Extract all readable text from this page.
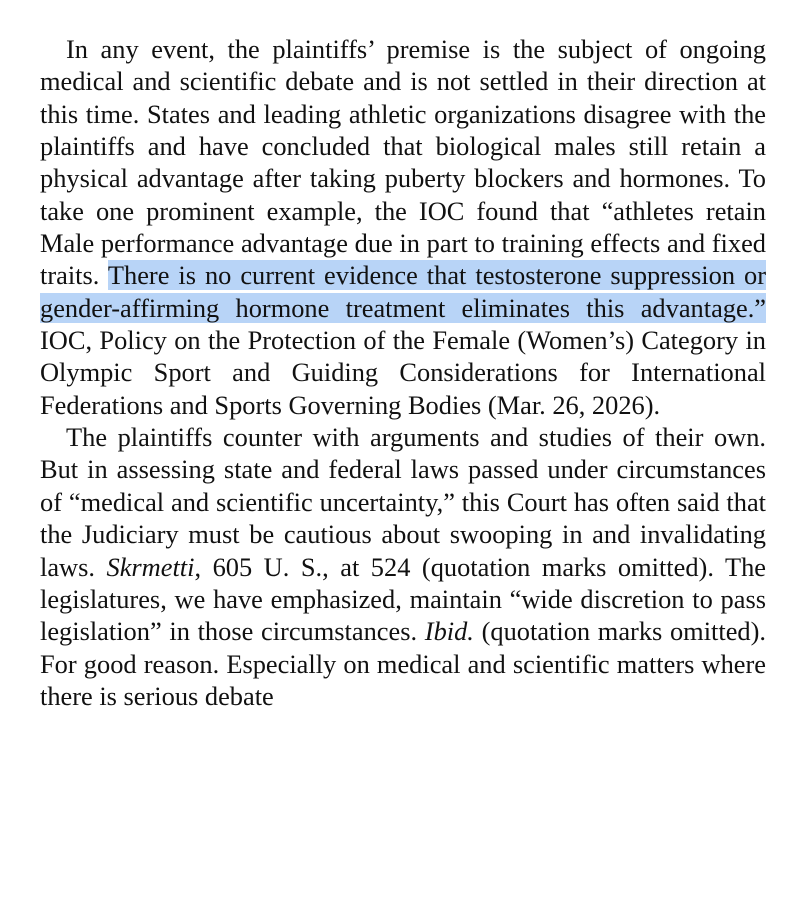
In any event, the plaintiffs’ premise is the subject of ongoing medical and scientific debate and is not settled in their direction at this time. States and leading athletic organizations disagree with the plaintiffs and have concluded that biological males still retain a physical advantage after taking puberty blockers and hormones. To take one prominent example, the IOC found that “athletes retain Male performance advantage due in part to training effects and fixed traits. There is no current evidence that testosterone suppression or gender-affirming hormone treatment eliminates this advantage.” IOC, Policy on the Protection of the Female (Women’s) Category in Olympic Sport and Guiding Considerations for International Federations and Sports Governing Bodies (Mar. 26, 2026).

The plaintiffs counter with arguments and studies of their own. But in assessing state and federal laws passed under circumstances of “medical and scientific uncertainty,” this Court has often said that the Judiciary must be cautious about swooping in and invalidating laws. Skrmetti, 605 U. S., at 524 (quotation marks omitted). The legislatures, we have emphasized, maintain “wide discretion to pass legislation” in those circumstances. Ibid. (quotation marks omitted). For good reason. Especially on medical and scientific matters where there is serious debate
